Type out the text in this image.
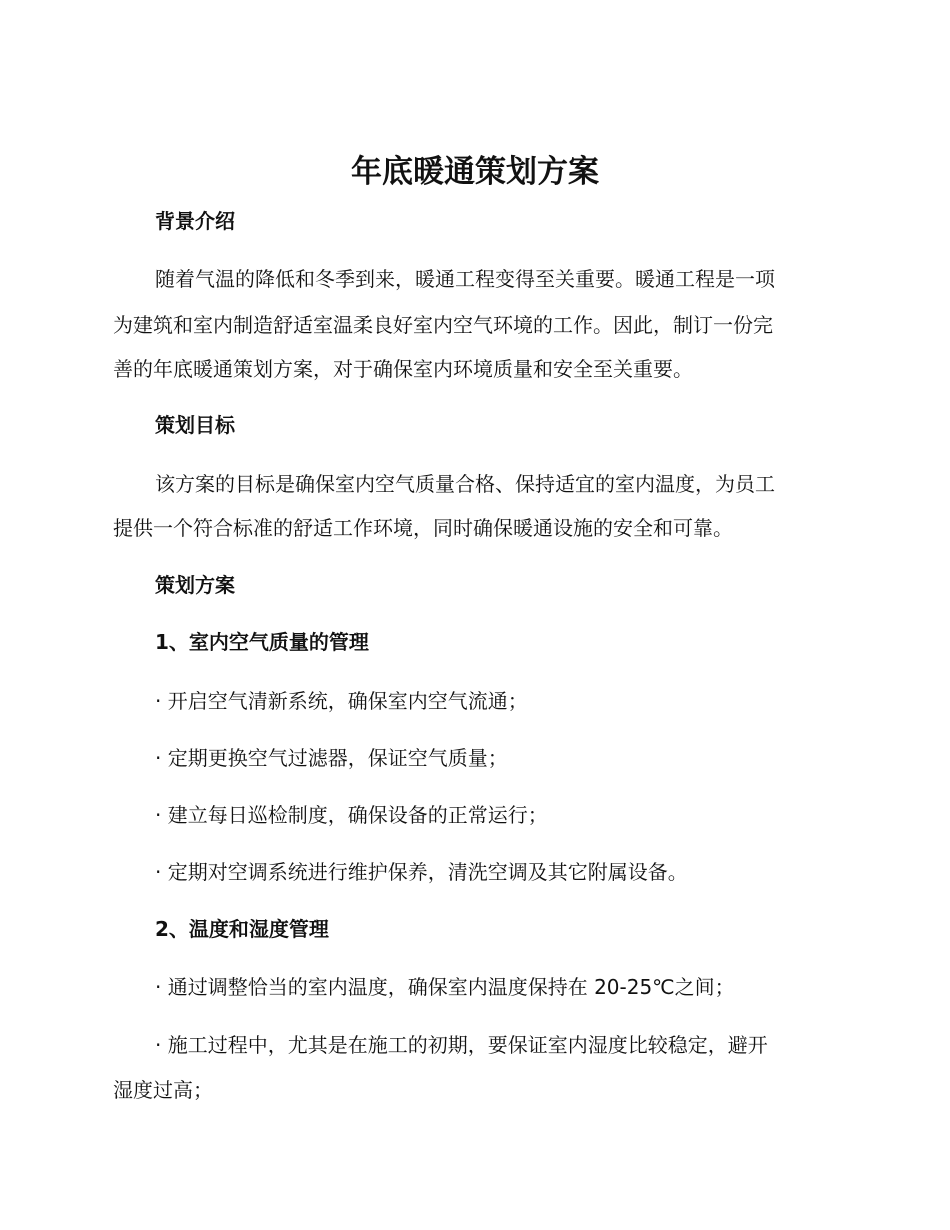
年底暖通策划方案
背景介绍
随着气温的降低和冬季到来，暖通工程变得至关重要。暖通工程是一项
为建筑和室内制造舒适室温柔良好室内空气环境的工作。因此，制订一份完
善的年底暖通策划方案，对于确保室内环境质量和安全至关重要。
策划目标
该方案的目标是确保室内空气质量合格、保持适宜的室内温度，为员工
提供一个符合标准的舒适工作环境，同时确保暖通设施的安全和可靠。
策划方案
1、室内空气质量的管理
· 开启空气清新系统，确保室内空气流通；
· 定期更换空气过滤器，保证空气质量；
· 建立每日巡检制度，确保设备的正常运行；
· 定期对空调系统进行维护保养，清洗空调及其它附属设备。
2、温度和湿度管理
· 通过调整恰当的室内温度，确保室内温度保持在 20-25℃之间；
· 施工过程中，尤其是在施工的初期，要保证室内湿度比较稳定，避开
湿度过高；
